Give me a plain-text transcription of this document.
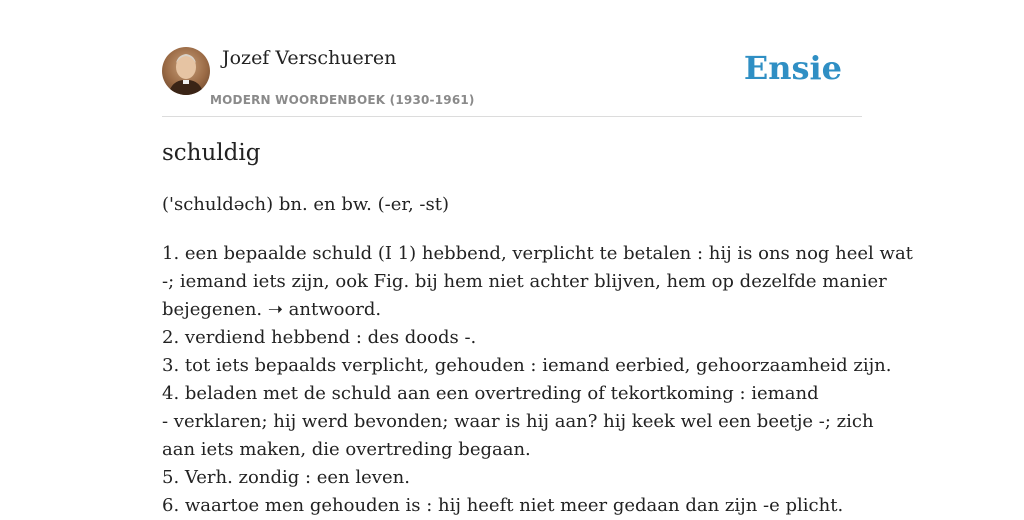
Jozef Verschueren
MODERN WOORDENBOEK (1930-1961)
Ensie
schuldig
('schuldəch) bn. en bw. (-er, -st)
1. een bepaalde schuld (I 1) hebbend, verplicht te betalen : hij is ons nog heel wat
-; iemand iets zijn, ook Fig. bij hem niet achter blijven, hem op dezelfde manier
bejegenen. ➝ antwoord.
2. verdiend hebbend : des doods -.
3. tot iets bepaalds verplicht, gehouden : iemand eerbied, gehoorzaamheid zijn.
4. beladen met de schuld aan een overtreding of tekortkoming : iemand
- verklaren; hij werd bevonden; waar is hij aan? hij keek wel een beetje -; zich
aan iets maken, die overtreding begaan.
5. Verh. zondig : een leven.
6. waartoe men gehouden is : hij heeft niet meer gedaan dan zijn -e plicht.
